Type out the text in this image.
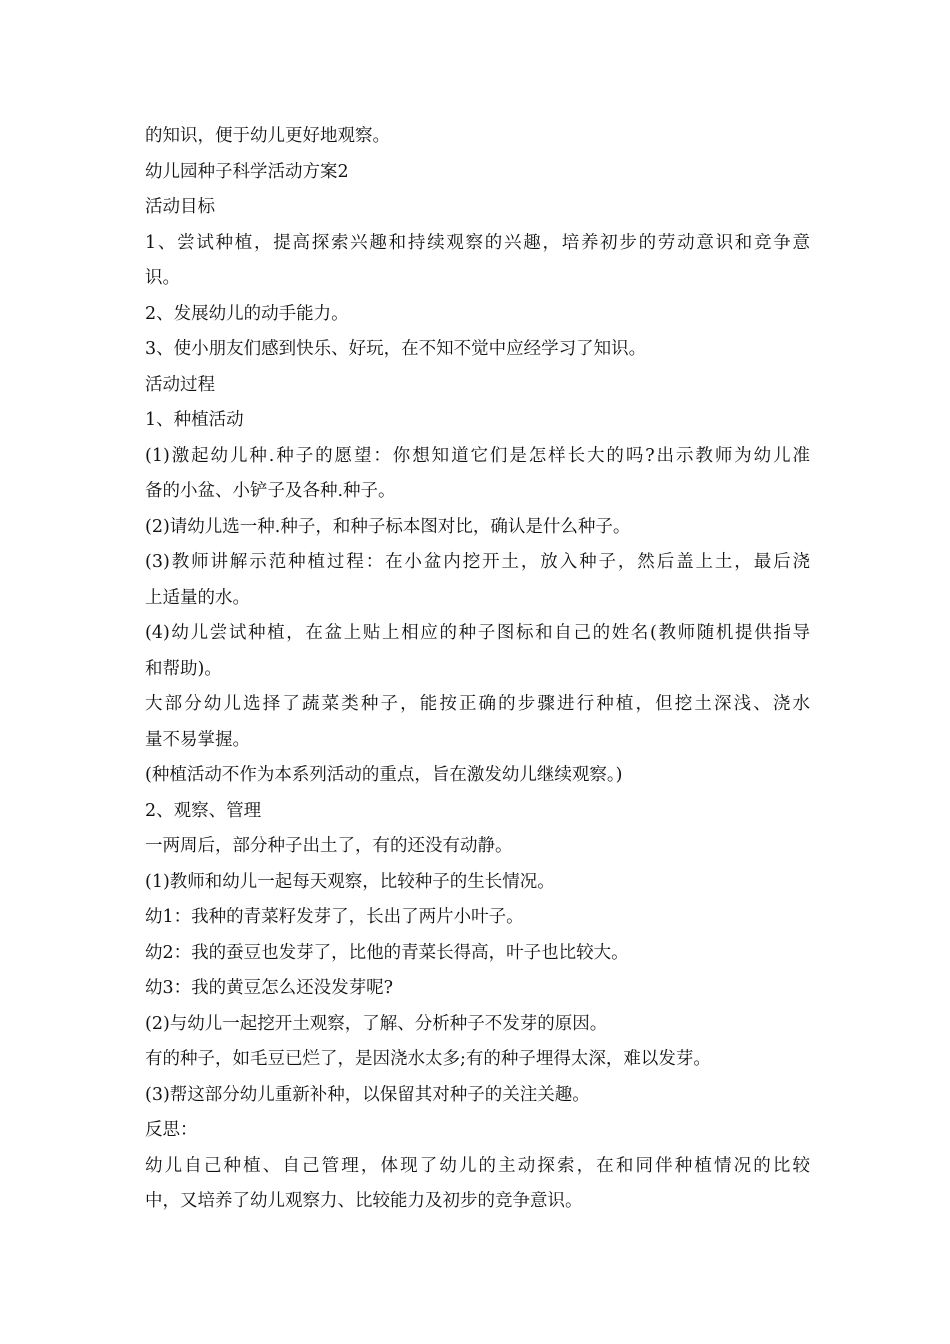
的知识，便于幼儿更好地观察。
幼儿园种子科学活动方案2
活动目标
1、尝试种植，提高探索兴趣和持续观察的兴趣，培养初步的劳动意识和竞争意
识。
2、发展幼儿的动手能力。
3、使小朋友们感到快乐、好玩，在不知不觉中应经学习了知识。
活动过程
1、种植活动
(1)激起幼儿种.种子的愿望：你想知道它们是怎样长大的吗?出示教师为幼儿准
备的小盆、小铲子及各种.种子。
(2)请幼儿选一种.种子，和种子标本图对比，确认是什么种子。
(3)教师讲解示范种植过程：在小盆内挖开土，放入种子，然后盖上土，最后浇
上适量的水。
(4)幼儿尝试种植，在盆上贴上相应的种子图标和自己的姓名(教师随机提供指导
和帮助)。
大部分幼儿选择了蔬菜类种子，能按正确的步骤进行种植，但挖土深浅、浇水
量不易掌握。
(种植活动不作为本系列活动的重点，旨在激发幼儿继续观察。)
2、观察、管理
一两周后，部分种子出土了，有的还没有动静。
(1)教师和幼儿一起每天观察，比较种子的生长情况。
幼1：我种的青菜籽发芽了，长出了两片小叶子。
幼2：我的蚕豆也发芽了，比他的青菜长得高，叶子也比较大。
幼3：我的黄豆怎么还没发芽呢?
(2)与幼儿一起挖开土观察，了解、分析种子不发芽的原因。
有的种子，如毛豆已烂了，是因浇水太多;有的种子埋得太深，难以发芽。
(3)帮这部分幼儿重新补种，以保留其对种子的关注关趣。
反思：
幼儿自己种植、自己管理，体现了幼儿的主动探索，在和同伴种植情况的比较
中，又培养了幼儿观察力、比较能力及初步的竞争意识。
